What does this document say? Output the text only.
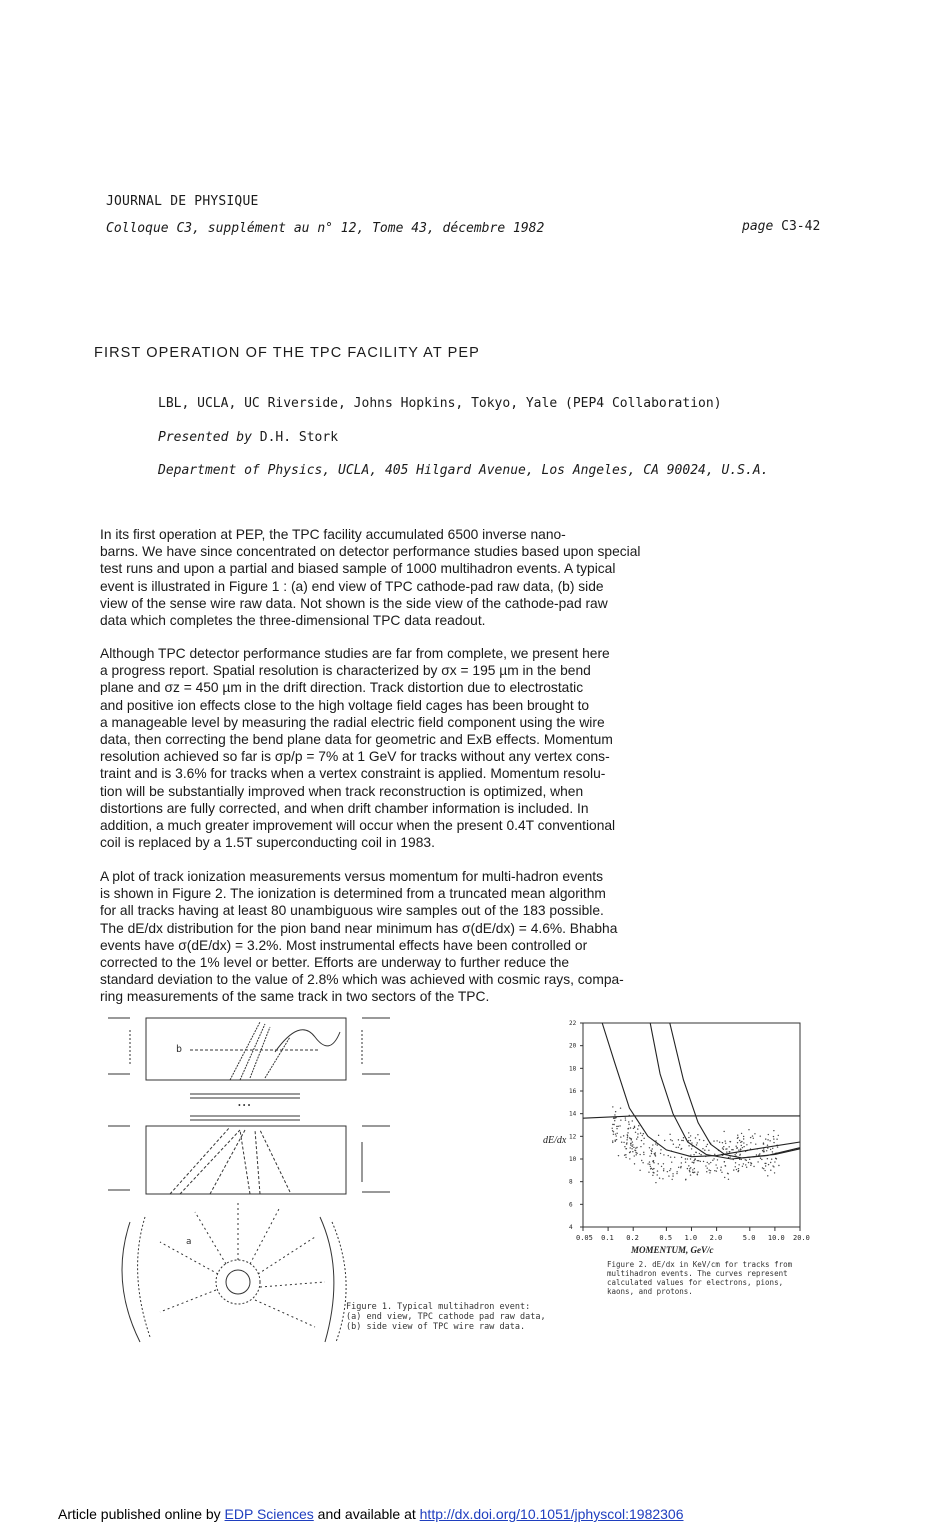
JOURNAL DE PHYSIQUE
Colloque C3, supplément au n° 12, Tome 43, décembre 1982	page C3-42
FIRST OPERATION OF THE TPC FACILITY AT PEP
LBL, UCLA, UC Riverside, Johns Hopkins, Tokyo, Yale (PEP4 Collaboration)
Presented by D.H. Stork
Department of Physics, UCLA, 405 Hilgard Avenue, Los Angeles, CA 90024, U.S.A.
In its first operation at PEP, the TPC facility accumulated 6500 inverse nano-
barns. We have since concentrated on detector performance studies based upon special
test runs and upon a partial and biased sample of 1000 multihadron events. A typical
event is illustrated in Figure 1 : (a) end view of TPC cathode-pad raw data, (b) side
view of the sense wire raw data. Not shown is the side view of the cathode-pad raw
data which completes the three-dimensional TPC data readout.
Although TPC detector performance studies are far from complete, we present here
a progress report. Spatial resolution is characterized by σx = 195 µm in the bend
plane and σz = 450 µm in the drift direction. Track distortion due to electrostatic
and positive ion effects close to the high voltage field cages has been brought to
a manageable level by measuring the radial electric field component using the wire
data, then correcting the bend plane data for geometric and ExB effects. Momentum
resolution achieved so far is σp/p = 7% at 1 GeV for tracks without any vertex cons-
traint and is 3.6% for tracks when a vertex constraint is applied. Momentum resolu-
tion will be substantially improved when track reconstruction is optimized, when
distortions are fully corrected, and when drift chamber information is included. In
addition, a much greater improvement will occur when the present 0.4T conventional
coil is replaced by a 1.5T superconducting coil in 1983.
A plot of track ionization measurements versus momentum for multi-hadron events
is shown in Figure 2. The ionization is determined from a truncated mean algorithm
for all tracks having at least 80 unambiguous wire samples out of the 183 possible.
The dE/dx distribution for the pion band near minimum has σ(dE/dx) = 4.6%. Bhabha
events have σ(dE/dx) = 3.2%. Most instrumental effects have been controlled or
corrected to the 1% level or better. Efforts are underway to further reduce the
standard deviation to the value of 2.8% which was achieved with cosmic rays, compa-
ring measurements of the same track in two sectors of the TPC.
• • •
b
a
Figure 1. Typical multihadron event:
(a) end view, TPC cathode pad raw data,
(b) side view of TPC wire raw data.
0.05 0.1 0.2	0.5 1.0 2.0	5.0 10.0 20.0
4
6
8
10
12
14
16
18
20
22
dE/dx
MOMENTUM, GeV/c
Figure 2. dE/dx in KeV/cm for tracks from multihadron events. The curves represent calculated values for electrons, pions, kaons, and protons.
Article published online by EDP Sciences and available at http://dx.doi.org/10.1051/jphyscol:1982306
